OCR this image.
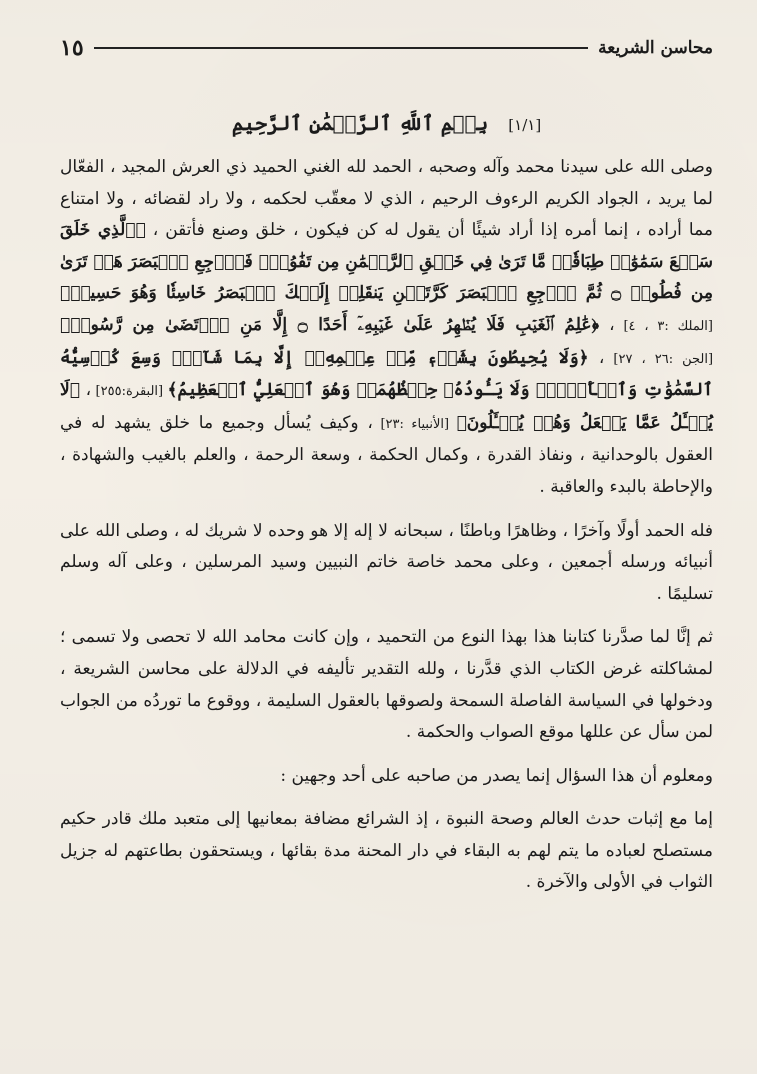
محاسن الشريعة
١٥
[١/١] بِسۡمِ ٱللَّهِ ٱلرَّحۡمَٰنِ ٱلرَّحِيمِ

وصلى الله على سيدنا محمد وآله وصحبه ، الحمد لله الغني الحميد ذي العرش المجيد ، الفعّال لما يريد ، الجواد الكريم الرءوف الرحيم ، الذي لا معقّب لحكمه ، ولا راد لقضائه ، ولا امتناع مما أراده ، إنما أمره إذا أراد شيئًا أن يقول له كن فيكون ، خلق وصنع فأتقن ، ﴿ٱلَّذِي خَلَقَ سَبۡعَ سَمَٰوَٰتٖ طِبَاقٗاۖ مَّا تَرَىٰ فِي خَلۡقِ ٱلرَّحۡمَٰنِ مِن تَفَٰوُتٖۖ فَٱرۡجِعِ ٱلۡبَصَرَ هَلۡ تَرَىٰ مِن فُطُورٖ ۝ ثُمَّ ٱرۡجِعِ ٱلۡبَصَرَ كَرَّتَيۡنِ يَنقَلِبۡ إِلَيۡكَ ٱلۡبَصَرُ خَاسِئٗا وَهُوَ حَسِيرٞ﴾ [الملك :٣ ، ٤] ، ﴿عَٰلِمُ ٱلۡغَيۡبِ فَلَا يُظۡهِرُ عَلَىٰ غَيۡبِهِۦٓ أَحَدًا ۝ إِلَّا مَنِ ٱرۡتَضَىٰ مِن رَّسُولٖ﴾ [الجن :٢٦ ، ٢٧] ، ﴿وَلَا يُحِيطُونَ بِشَيۡءٖ مِّنۡ عِلۡمِهِۦٓ إِلَّا بِمَا شَآءَۚ وَسِعَ كُرۡسِيُّهُ ٱلسَّمَٰوَٰتِ وَٱلۡأَرۡضَۖ وَلَا يَـُٔودُهُۥ حِفۡظُهُمَاۚ وَهُوَ ٱلۡعَلِيُّ ٱلۡعَظِيمُ﴾ [البقرة:٢٥٥] ، ﴿لَا يُسۡـَٔلُ عَمَّا يَفۡعَلُ وَهُمۡ يُسۡـَٔلُونَ﴾ [الأنبياء :٢٣] ، وكيف يُسأل وجميع ما خلق يشهد له في العقول بالوحدانية ، ونفاذ القدرة ، وكمال الحكمة ، وسعة الرحمة ، والعلم بالغيب والشهادة ، والإحاطة بالبدء والعاقبة .

فله الحمد أولًا وآخرًا ، وظاهرًا وباطنًا ، سبحانه لا إله إلا هو وحده لا شريك له ، وصلى الله على أنبيائه ورسله أجمعين ، وعلى محمد خاصة خاتم النبيين وسيد المرسلين ، وعلى آله وسلم تسليمًا .

ثم إنَّا لما صدَّرنا كتابنا هذا بهذا النوع من التحميد ، وإن كانت محامد الله لا تحصى ولا تسمى ؛ لمشاكلته غرض الكتاب الذي قدَّرنا ، ولله التقدير تأليفه في الدلالة على محاسن الشريعة ، ودخولها في السياسة الفاصلة السمحة ولصوقها بالعقول السليمة ، ووقوع ما توردُه من الجواب لمن سأل عن عللها موقع الصواب والحكمة .

ومعلوم أن هذا السؤال إنما يصدر من صاحبه على أحد وجهين :

إما مع إثبات حدث العالم وصحة النبوة ، إذ الشرائع مضافة بمعانيها إلى متعبد ملك قادر حكيم مستصلح لعباده ما يتم لهم به البقاء في دار المحنة مدة بقائها ، ويستحقون بطاعتهم له جزيل الثواب في الأولى والآخرة .
